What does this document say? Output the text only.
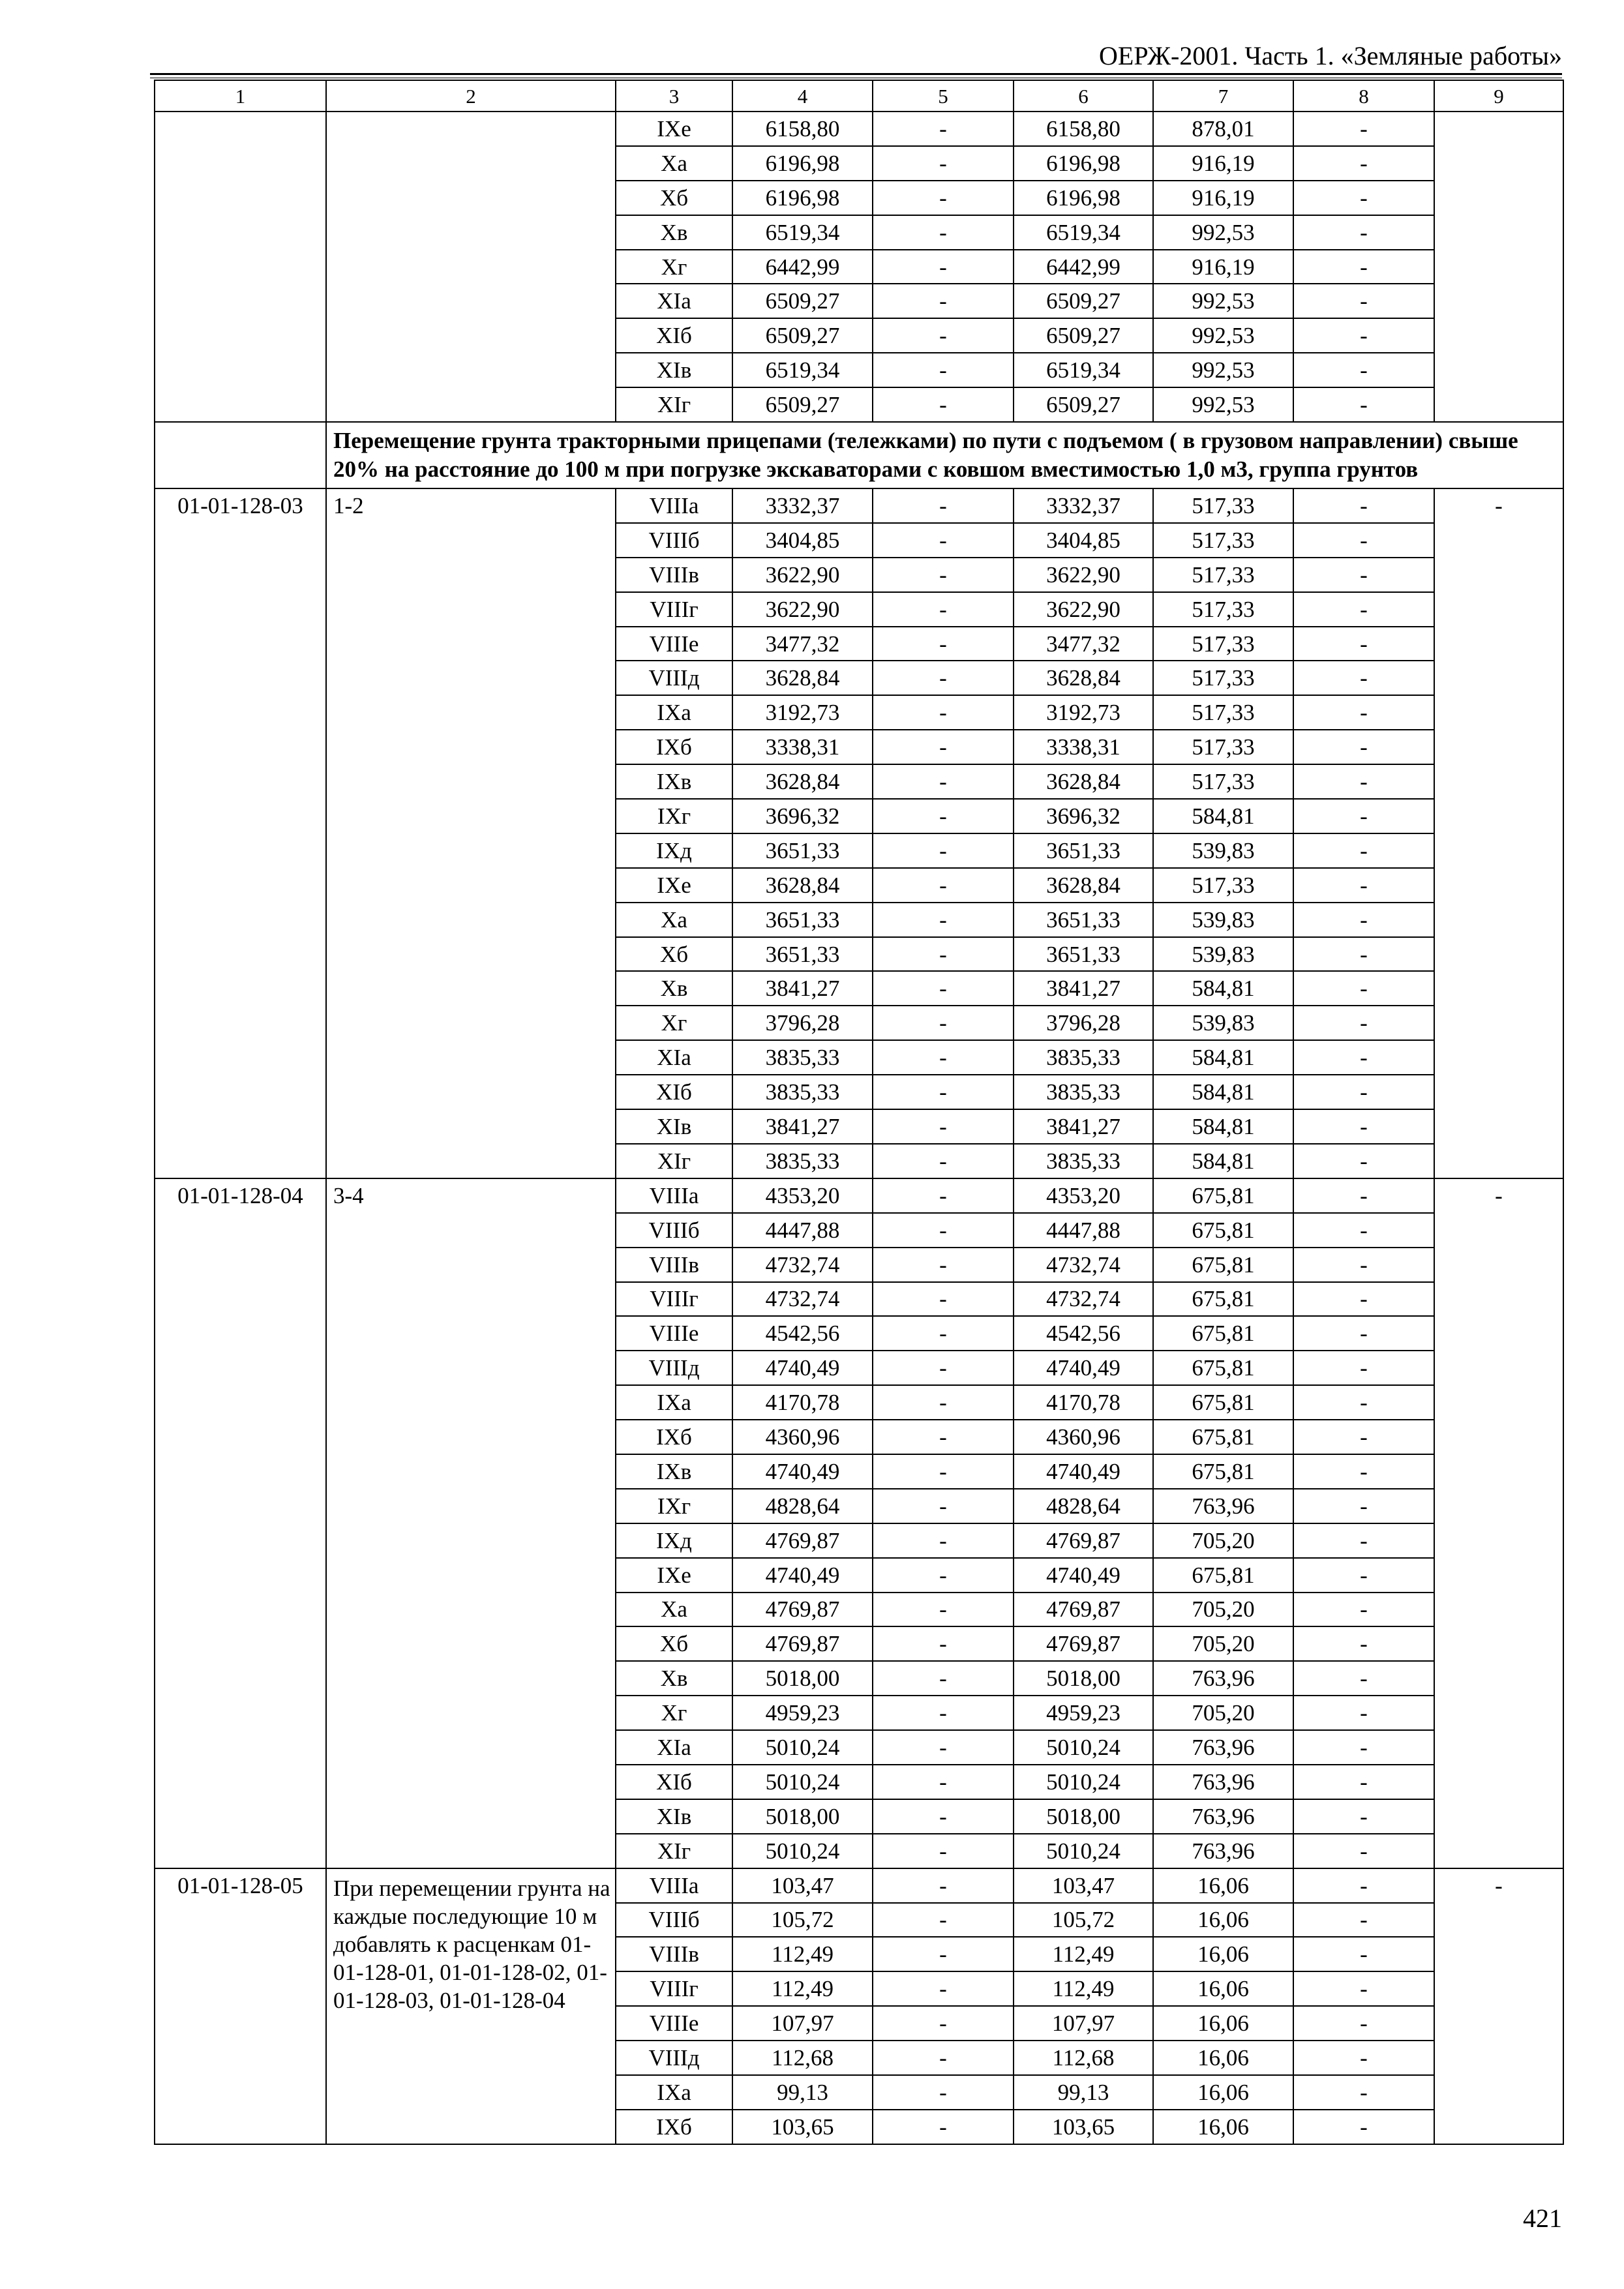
ОЕРЖ-2001. Часть 1. «Земляные работы»
1	2	3	4	5	6	7	8	9
		IXe	6158,80	-	6158,80	878,01	-	
		Xa	6196,98	-	6196,98	916,19	-	
		Xб	6196,98	-	6196,98	916,19	-	
		Xв	6519,34	-	6519,34	992,53	-	
		Xг	6442,99	-	6442,99	916,19	-	
		XIa	6509,27	-	6509,27	992,53	-	
		XIб	6509,27	-	6509,27	992,53	-	
		XIв	6519,34	-	6519,34	992,53	-	
		XIг	6509,27	-	6509,27	992,53	-	
	Перемещение грунта тракторными прицепами (тележками) по пути с подъемом ( в грузовом направлении) свыше 20% на расстояние до 100 м при погрузке экскаваторами с ковшом вместимостью 1,0 м3, группа грунтов							
01-01-128-03	1-2	VIIIa	3332,37	-	3332,37	517,33	-	-
		VIIIб	3404,85	-	3404,85	517,33	-	
		VIIIв	3622,90	-	3622,90	517,33	-	
		VIIIг	3622,90	-	3622,90	517,33	-	
		VIIIe	3477,32	-	3477,32	517,33	-	
		VIIIд	3628,84	-	3628,84	517,33	-	
		IXa	3192,73	-	3192,73	517,33	-	
		IXб	3338,31	-	3338,31	517,33	-	
		IXв	3628,84	-	3628,84	517,33	-	
		IXг	3696,32	-	3696,32	584,81	-	
		IXд	3651,33	-	3651,33	539,83	-	
		IXe	3628,84	-	3628,84	517,33	-	
		Xa	3651,33	-	3651,33	539,83	-	
		Xб	3651,33	-	3651,33	539,83	-	
		Xв	3841,27	-	3841,27	584,81	-	
		Xг	3796,28	-	3796,28	539,83	-	
		XIa	3835,33	-	3835,33	584,81	-	
		XIб	3835,33	-	3835,33	584,81	-	
		XIв	3841,27	-	3841,27	584,81	-	
		XIг	3835,33	-	3835,33	584,81	-	
01-01-128-04	3-4	VIIIa	4353,20	-	4353,20	675,81	-	-
		VIIIб	4447,88	-	4447,88	675,81	-	
		VIIIв	4732,74	-	4732,74	675,81	-	
		VIIIг	4732,74	-	4732,74	675,81	-	
		VIIIe	4542,56	-	4542,56	675,81	-	
		VIIIд	4740,49	-	4740,49	675,81	-	
		IXa	4170,78	-	4170,78	675,81	-	
		IXб	4360,96	-	4360,96	675,81	-	
		IXв	4740,49	-	4740,49	675,81	-	
		IXг	4828,64	-	4828,64	763,96	-	
		IXд	4769,87	-	4769,87	705,20	-	
		IXe	4740,49	-	4740,49	675,81	-	
		Xa	4769,87	-	4769,87	705,20	-	
		Xб	4769,87	-	4769,87	705,20	-	
		Xв	5018,00	-	5018,00	763,96	-	
		Xг	4959,23	-	4959,23	705,20	-	
		XIa	5010,24	-	5010,24	763,96	-	
		XIб	5010,24	-	5010,24	763,96	-	
		XIв	5018,00	-	5018,00	763,96	-	
		XIг	5010,24	-	5010,24	763,96	-	
01-01-128-05	При перемещении грунта на каждые последующие 10 м добавлять к расценкам 01-01-128-01, 01-01-128-02, 01-01-128-03, 01-01-128-04	VIIIa	103,47	-	103,47	16,06	-	-
		VIIIб	105,72	-	105,72	16,06	-	
		VIIIв	112,49	-	112,49	16,06	-	
		VIIIг	112,49	-	112,49	16,06	-	
		VIIIe	107,97	-	107,97	16,06	-	
		VIIIд	112,68	-	112,68	16,06	-	
		IXa	99,13	-	99,13	16,06	-	
		IXб	103,65	-	103,65	16,06	-	
421
